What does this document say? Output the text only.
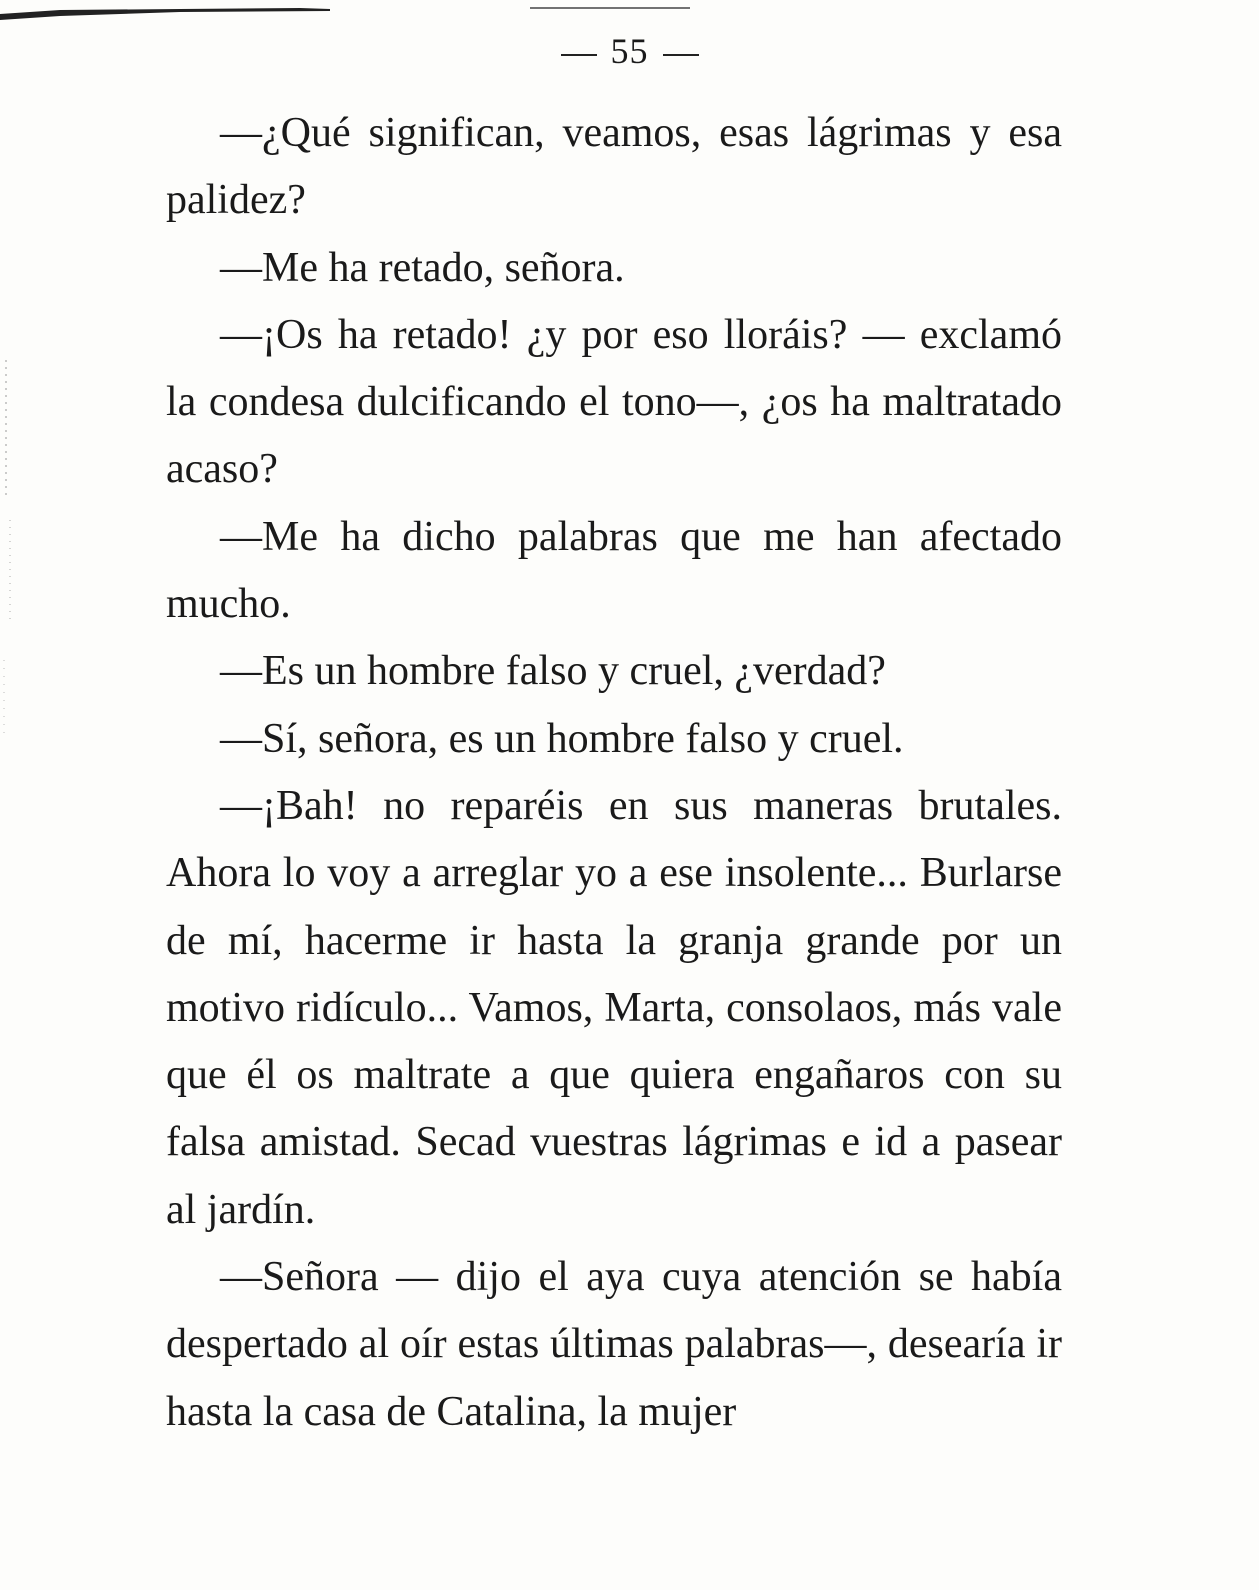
55

—¿Qué significan, veamos, esas lágrimas y esa palidez?

—Me ha retado, señora.

—¡Os ha retado! ¿y por eso lloráis? — exclamó la condesa dulcificando el tono—, ¿os ha maltratado acaso?

—Me ha dicho palabras que me han afectado mucho.

—Es un hombre falso y cruel, ¿verdad?

—Sí, señora, es un hombre falso y cruel.

—¡Bah! no reparéis en sus maneras brutales. Ahora lo voy a arreglar yo a ese insolente... Burlarse de mí, hacerme ir hasta la granja grande por un motivo ridículo... Vamos, Marta, consolaos, más vale que él os maltrate a que quiera engañaros con su falsa amistad. Secad vuestras lágrimas e id a pasear al jardín.

—Señora — dijo el aya cuya atención se había despertado al oír estas últimas palabras—, desearía ir hasta la casa de Catalina, la mujer
